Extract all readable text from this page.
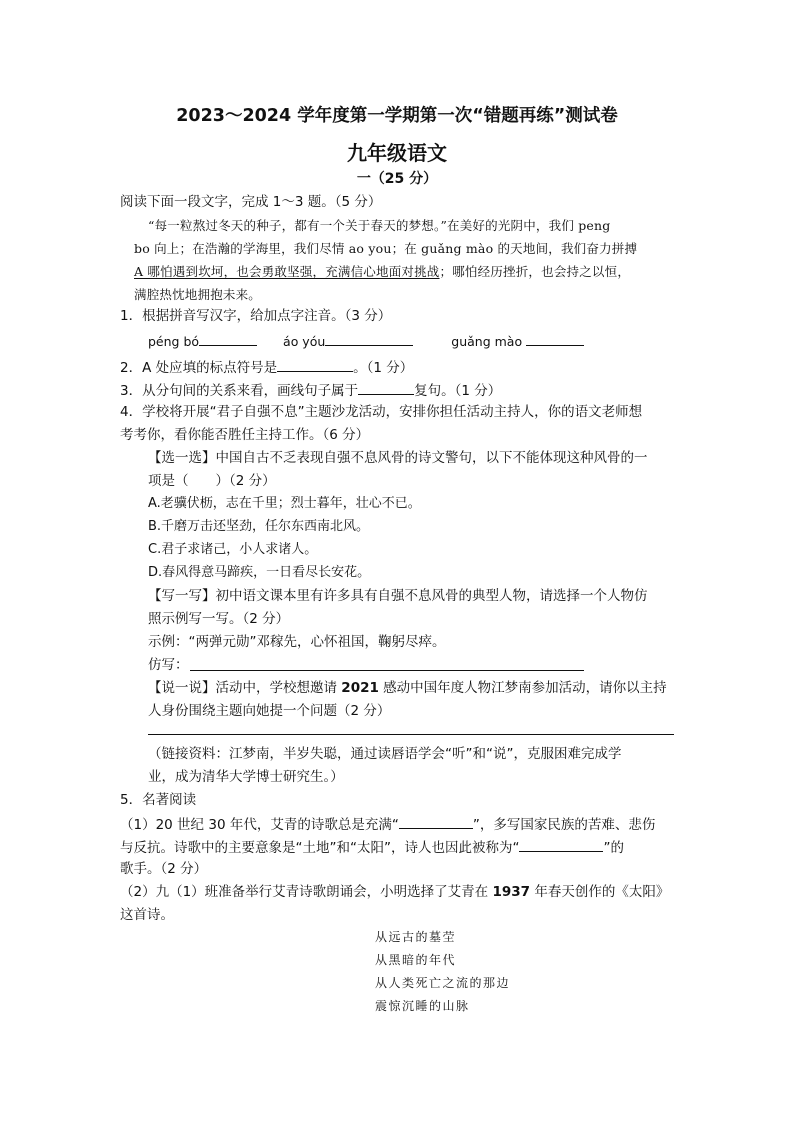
2023～2024 学年度第一学期第一次“错题再练”测试卷
九年级语文
一（25 分）
阅读下面一段文字，完成 1～3 题。（5 分）
“每一粒熬过冬天的种子，都有一个关于春天的梦想。”在美好的光阴中，我们 peng
bo 向上；在浩瀚的学海里，我们尽情 ao you；在 guǎng mào 的天地间，我们奋力拼搏
A 哪怕遇到坎坷，也会勇敢坚强，充满信心地面对挑战；哪怕经历挫折，也会持之以恒，
满腔热忱地拥抱未来。
1．根据拼音写汉字，给加点字注音。（3 分）
péng bó	áo yóu	guǎng mào
2．A 处应填的标点符号是	。（1 分）
3．从分句间的关系来看，画线句子属于	复句。（1 分）
4．学校将开展“君子自强不息”主题沙龙活动，安排你担任活动主持人，你的语文老师想
考考你，看你能否胜任主持工作。（6 分）
【选一选】中国自古不乏表现自强不息风骨的诗文警句，以下不能体现这种风骨的一
项是（　　）（2 分）
A.老骥伏枥，志在千里；烈士暮年，壮心不已。
B.千磨万击还坚劲，任尔东西南北风。
C.君子求诸己，小人求诸人。
D.春风得意马蹄疾，一日看尽长安花。
【写一写】初中语文课本里有许多具有自强不息风骨的典型人物，请选择一个人物仿
照示例写一写。（2 分）
示例：“两弹元勋”邓稼先，心怀祖国，鞠躬尽瘁。
仿写：
【说一说】活动中，学校想邀请 2021 感动中国年度人物江梦南参加活动，请你以主持
人身份围绕主题向她提一个问题（2 分）
（链接资料：江梦南，半岁失聪，通过读唇语学会“听”和“说”，克服困难完成学
业，成为清华大学博士研究生。）
5．名著阅读
（1）20 世纪 30 年代，艾青的诗歌总是充满“	”，多写国家民族的苦难、悲伤
与反抗。诗歌中的主要意象是“土地”和“太阳”，诗人也因此被称为“	”的
歌手。（2 分）
（2）九（1）班准备举行艾青诗歌朗诵会，小明选择了艾青在 1937 年春天创作的《太阳》
这首诗。
从远古的墓茔
从黑暗的年代
从人类死亡之流的那边
震惊沉睡的山脉
